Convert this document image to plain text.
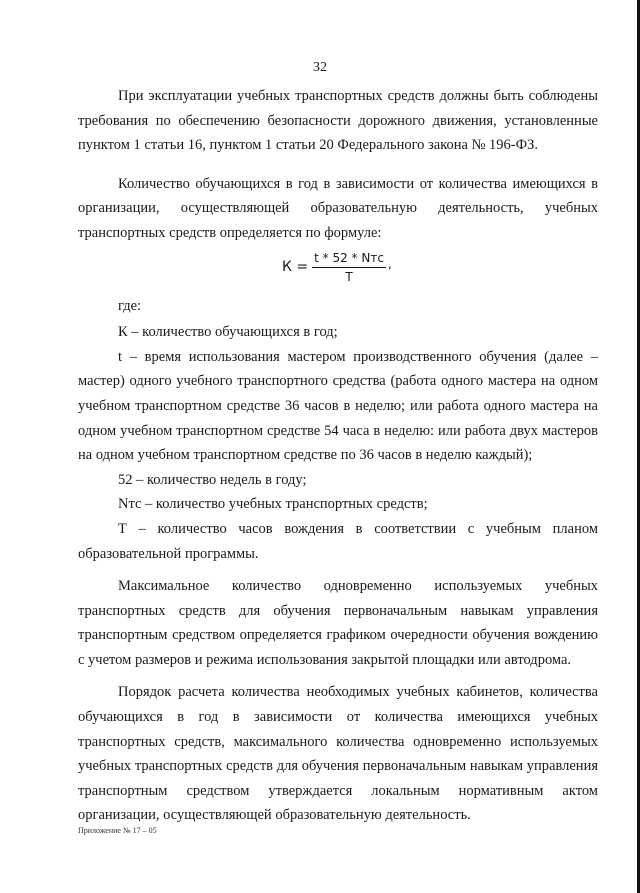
32

При эксплуатации учебных транспортных средств должны быть соблюдены требования по обеспечению безопасности дорожного движения, установленные пунктом 1 статьи 16, пунктом 1 статьи 20 Федерального закона № 196-ФЗ.

Количество обучающихся в год в зависимости от количества имеющихся в организации, осуществляющей образовательную деятельность, учебных транспортных средств определяется по формуле:

$К = \frac{\text{t * 52 * Nтс}}{Т}$ ,

где:

К – количество обучающихся в год;

t – время использования мастером производственного обучения (далее – мастер) одного учебного транспортного средства (работа одного мастера на одном учебном транспортном средстве 36 часов в неделю; или работа одного мастера на одном учебном транспортном средстве 54 часа в неделю: или работа двух мастеров на одном учебном транспортном средстве по 36 часов в неделю каждый);

52 – количество недель в году;

Nтс – количество учебных транспортных средств;

Т – количество часов вождения в соответствии с учебным планом образовательной программы.

Максимальное количество одновременно используемых учебных транспортных средств для обучения первоначальным навыкам управления транспортным средством определяется графиком очередности обучения вождению с учетом размеров и режима использования закрытой площадки или автодрома.

Порядок расчета количества необходимых учебных кабинетов, количества обучающихся в год в зависимости от количества имеющихся учебных транспортных средств, максимального количества одновременно используемых учебных транспортных средств для обучения первоначальным навыкам управления транспортным средством утверждается локальным нормативным актом организации, осуществляющей образовательную деятельность.

Приложение № 17 – 05
